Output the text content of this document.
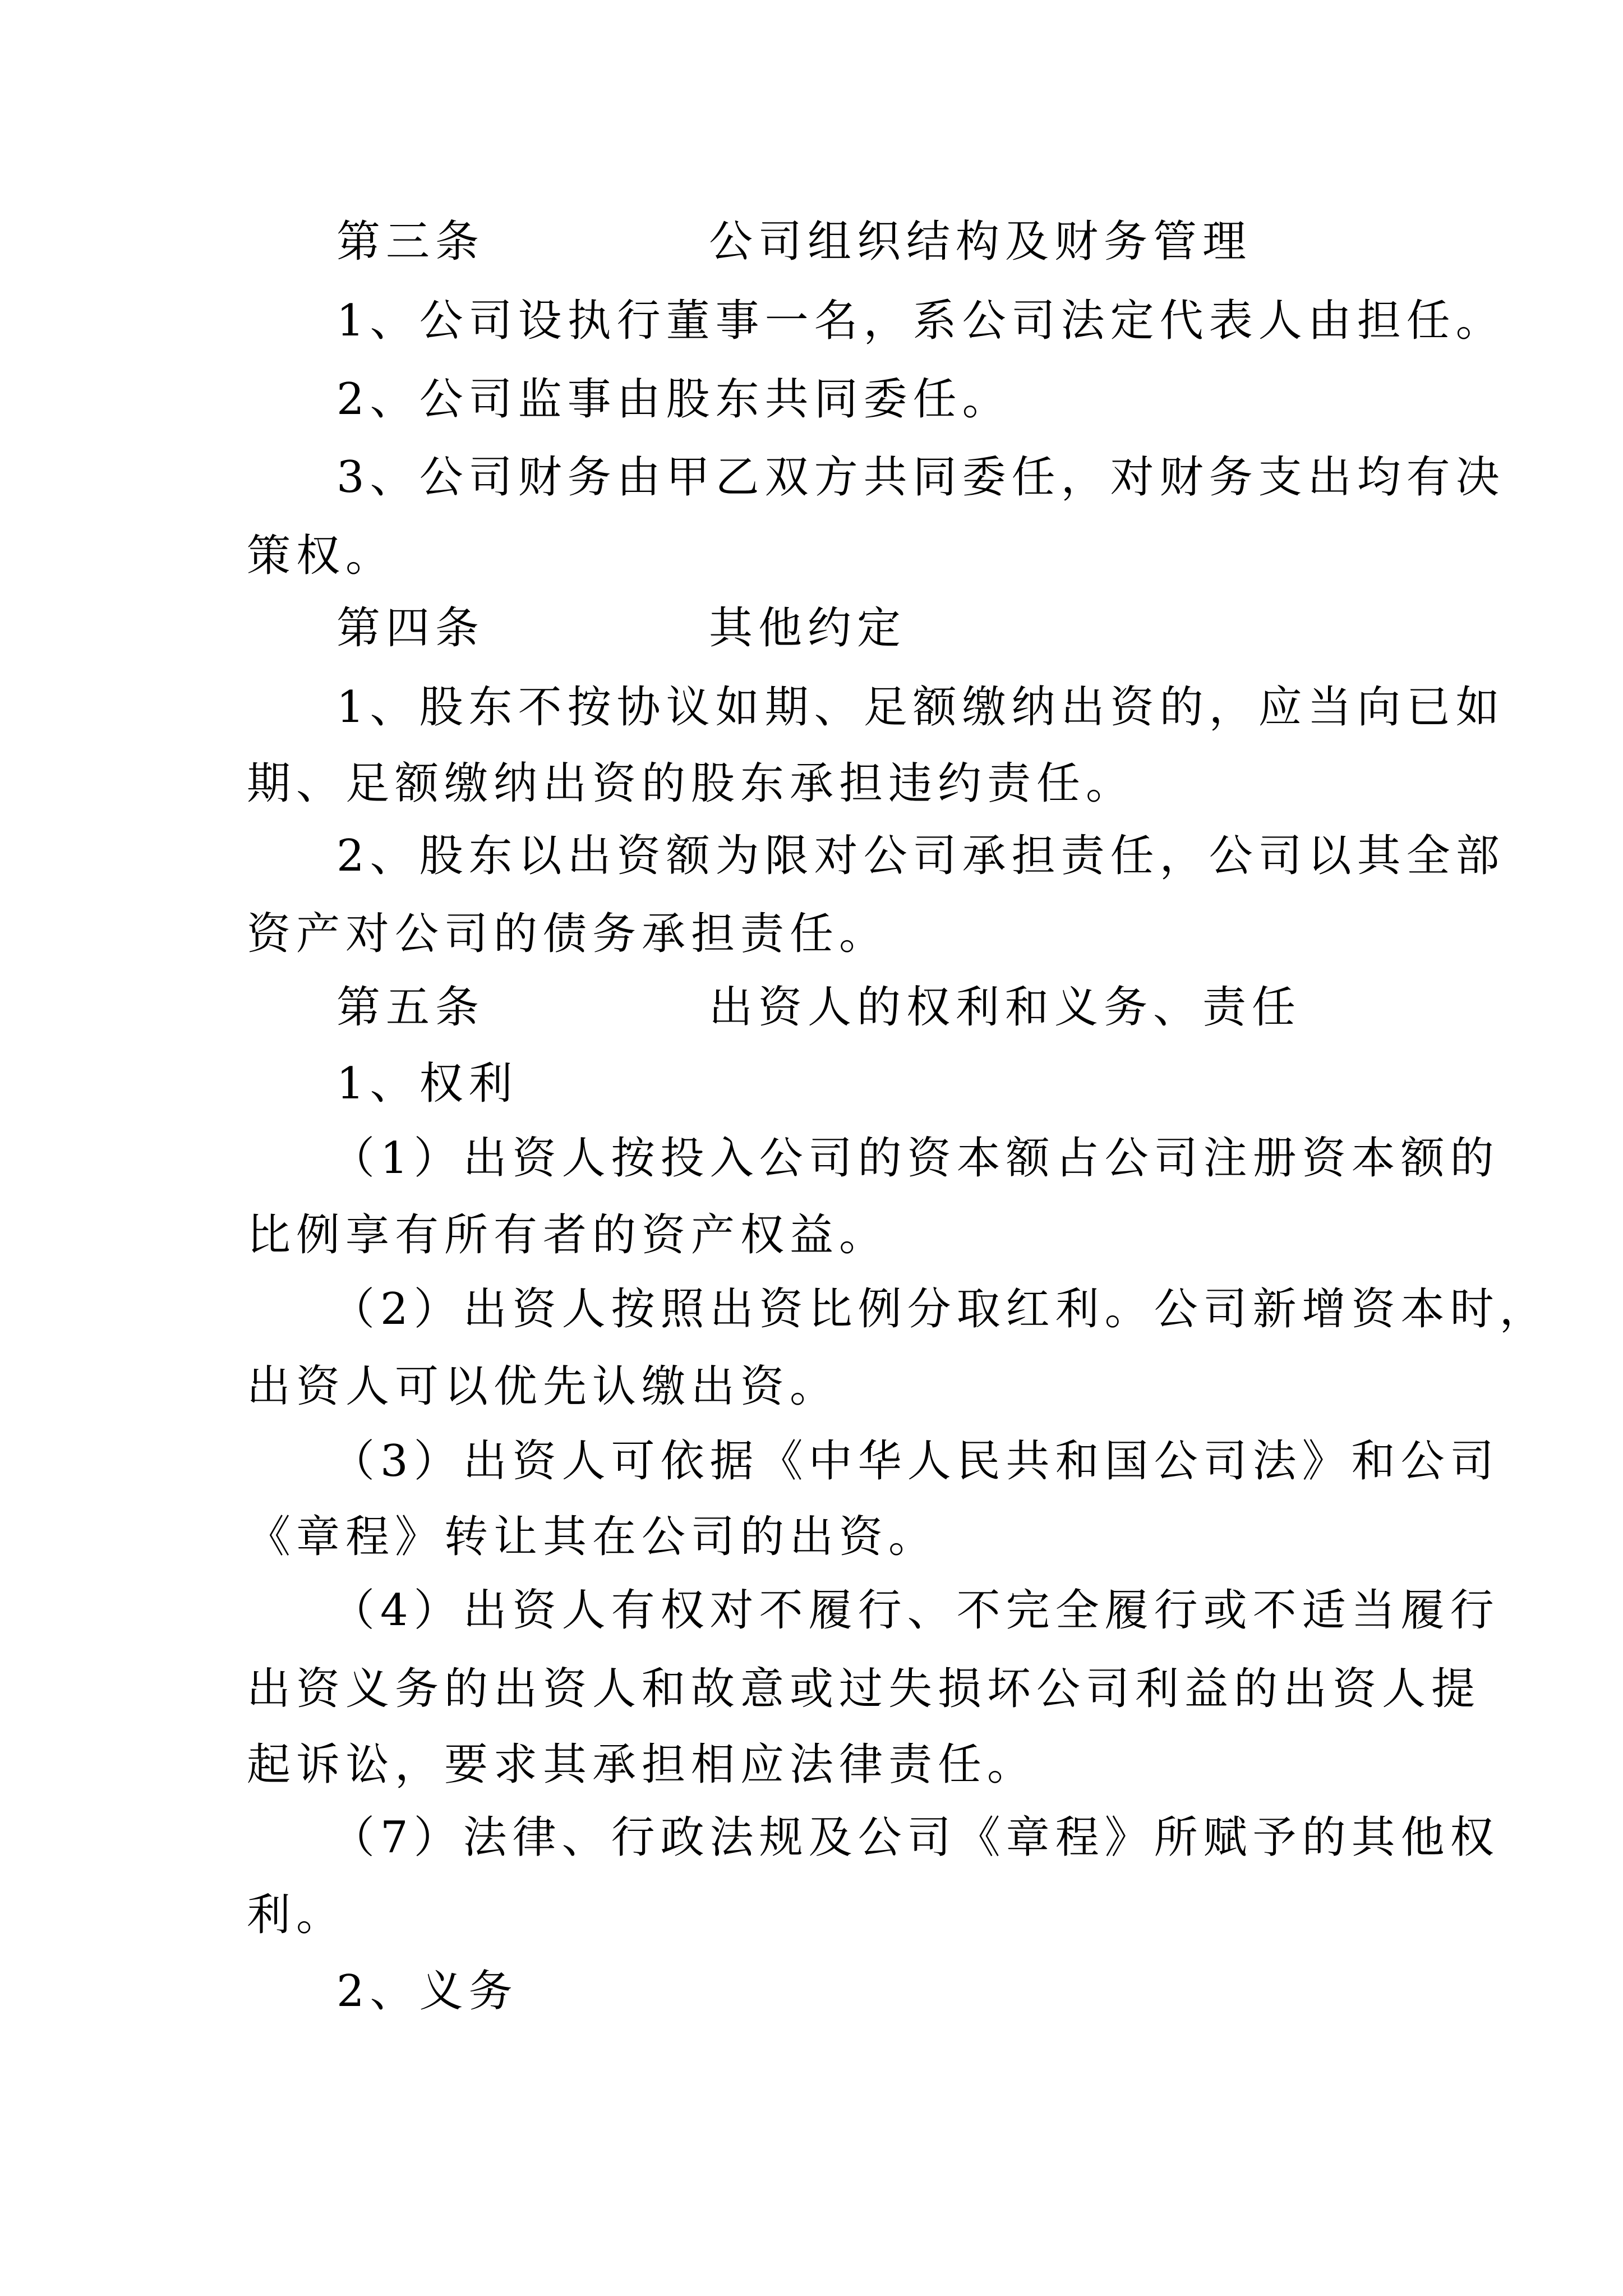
第三条	公司组织结构及财务管理
1、公司设执行董事一名，系公司法定代表人由担任。
2、公司监事由股东共同委任。
3、公司财务由甲乙双方共同委任，对财务支出均有决
策权。
第四条	其他约定
1、股东不按协议如期、足额缴纳出资的，应当向已如
期、足额缴纳出资的股东承担违约责任。
2、股东以出资额为限对公司承担责任，公司以其全部
资产对公司的债务承担责任。
第五条	出资人的权利和义务、责任
1、权利
（1）出资人按投入公司的资本额占公司注册资本额的
比例享有所有者的资产权益。
（2）出资人按照出资比例分取红利。公司新增资本时，
出资人可以优先认缴出资。
（3）出资人可依据《中华人民共和国公司法》和公司
《章程》转让其在公司的出资。
（4）出资人有权对不履行、不完全履行或不适当履行
出资义务的出资人和故意或过失损坏公司利益的出资人提
起诉讼，要求其承担相应法律责任。
（7）法律、行政法规及公司《章程》所赋予的其他权
利。
2、义务
